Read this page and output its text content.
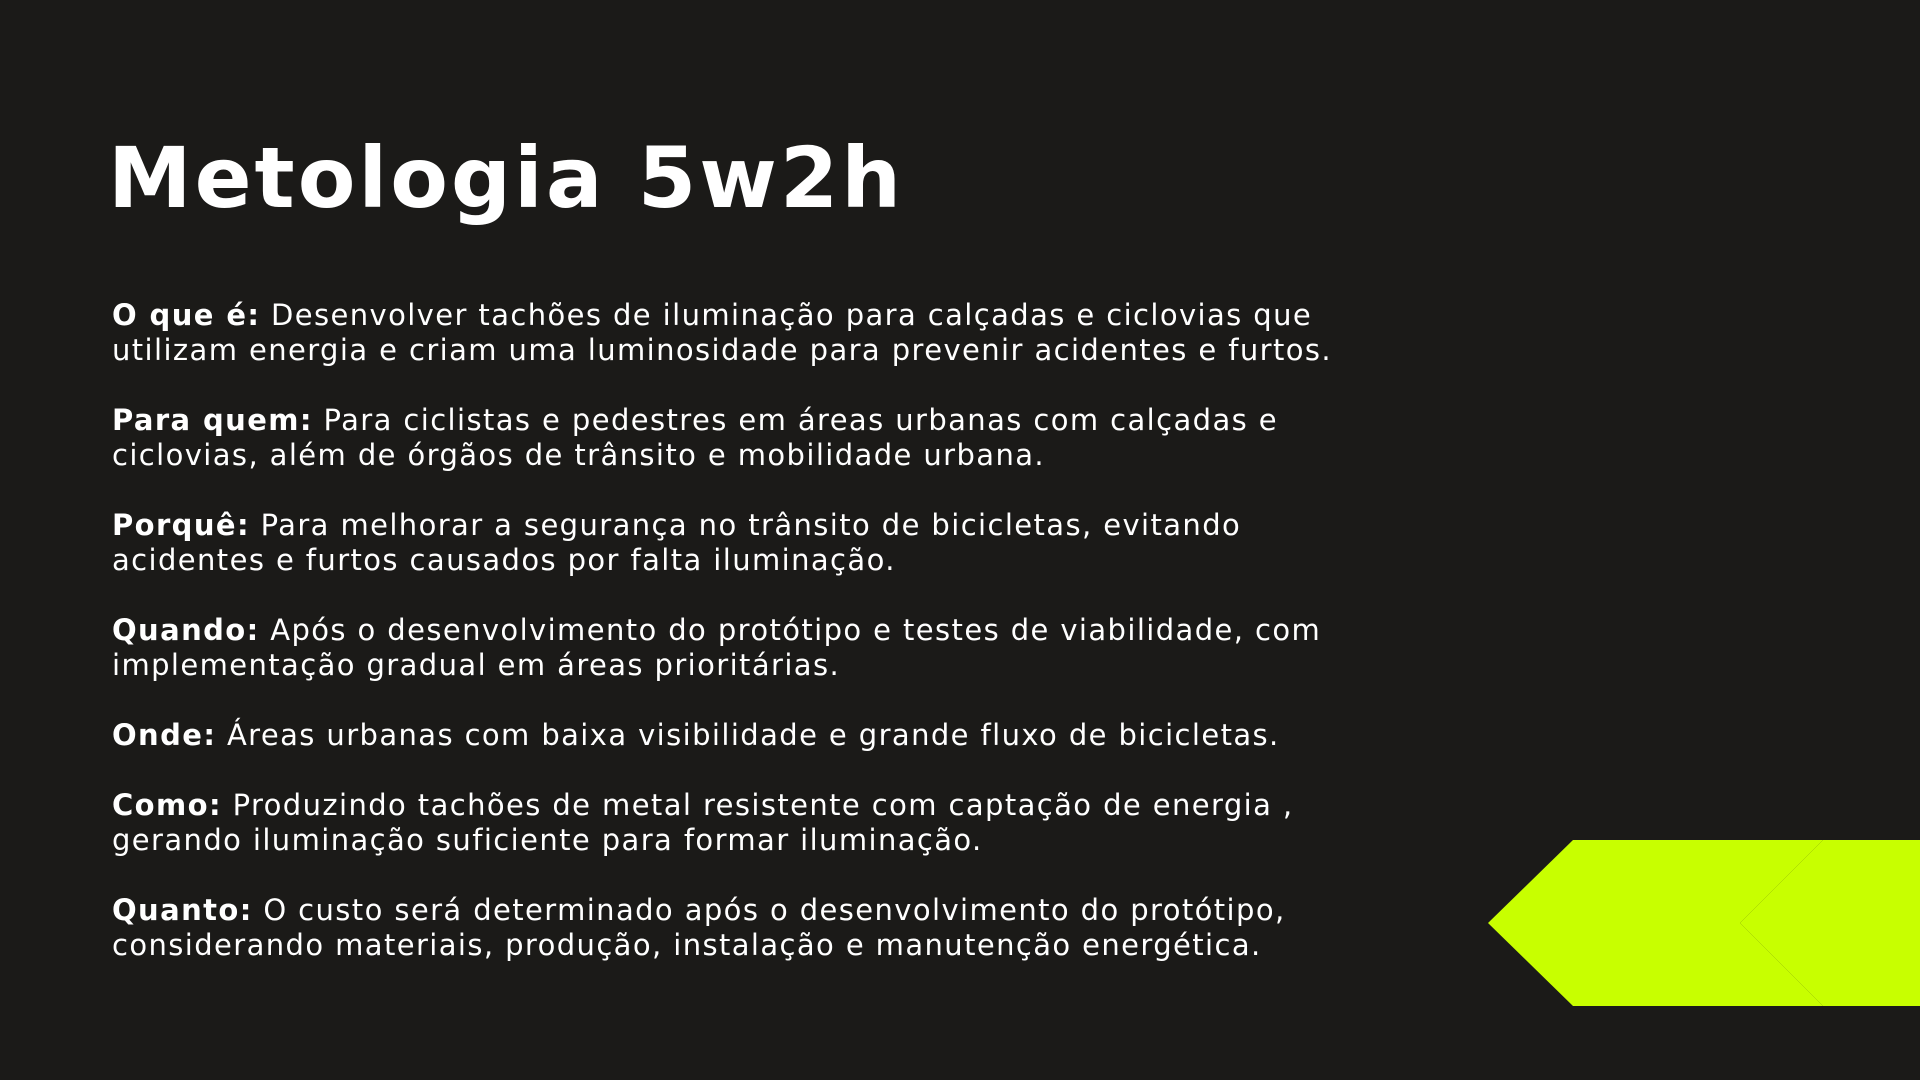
Metologia 5w2h

O que é: Desenvolver tachões de iluminação para calçadas e ciclovias que utilizam energia e criam uma luminosidade para prevenir acidentes e furtos.

Para quem: Para ciclistas e pedestres em áreas urbanas com calçadas e ciclovias, além de órgãos de trânsito e mobilidade urbana.

Porquê: Para melhorar a segurança no trânsito de bicicletas, evitando acidentes e furtos causados por falta iluminação.

Quando: Após o desenvolvimento do protótipo e testes de viabilidade, com implementação gradual em áreas prioritárias.

Onde: Áreas urbanas com baixa visibilidade e grande fluxo de bicicletas.

Como: Produzindo tachões de metal resistente com captação de energia , gerando iluminação suficiente para formar iluminação.

Quanto: O custo será determinado após o desenvolvimento do protótipo, considerando materiais, produção, instalação e manutenção energética.
